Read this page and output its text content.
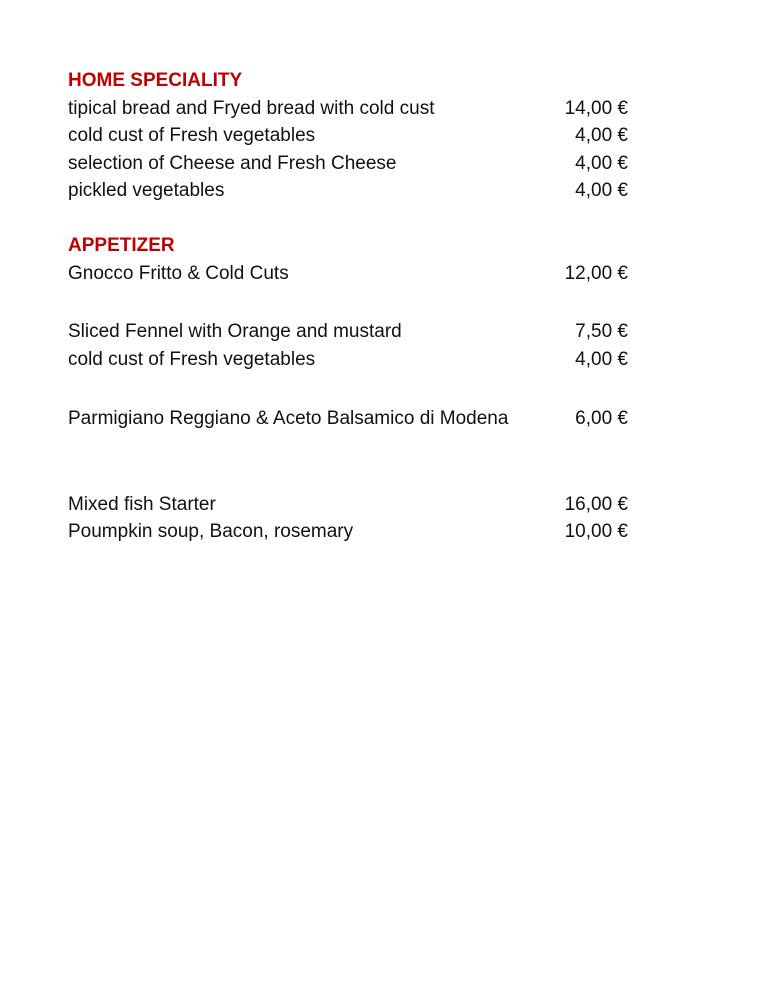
HOME SPECIALITY
tipical bread and Fryed bread with cold cust	14,00 €
cold cust of Fresh vegetables	4,00 €
selection of Cheese and Fresh Cheese	4,00 €
pickled vegetables	4,00 €
APPETIZER
Gnocco Fritto & Cold Cuts	12,00 €
Sliced Fennel with Orange and mustard	7,50 €
cold cust of Fresh vegetables	4,00 €
Parmigiano Reggiano & Aceto Balsamico di Modena	6,00 €
Mixed fish Starter	16,00 €
Poumpkin soup, Bacon, rosemary	10,00 €
